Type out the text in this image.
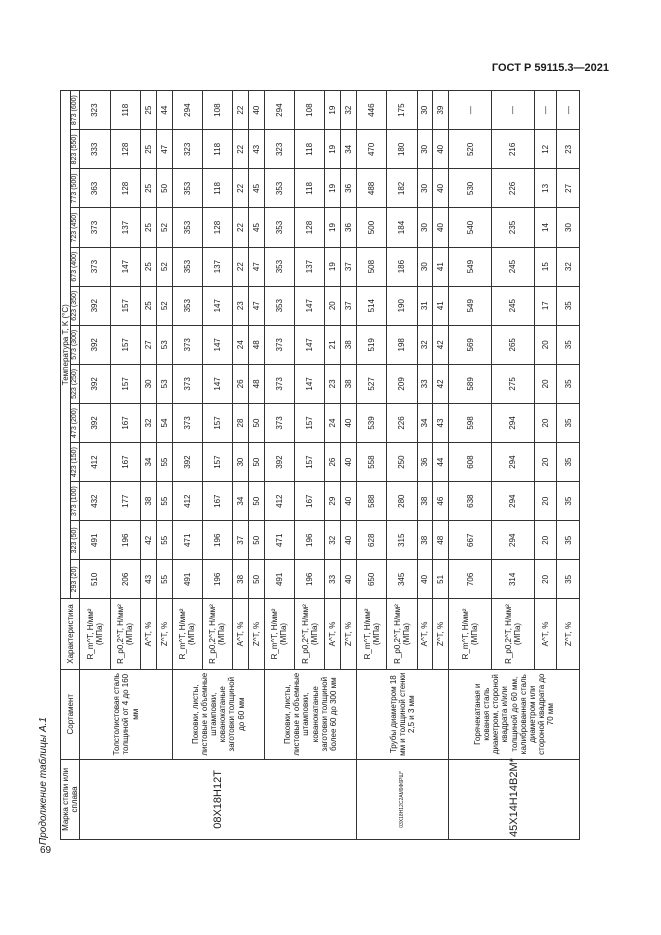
ГОСТ Р 59115.3—2021
Продолжение таблицы А.1 Марка стали или сплава	Сортамент	Характеристика	Температура T, K (°C)												
			293 (20)	323 (50)	373 (100)	423 (150)	473 (200)	523 (250)	573 (300)	623 (350)	673 (400)	723 (450)	773 (500)	823 (550)	873 (600)
08Х18Н12Т	Толстолистовая сталь толщиной от 4 до 160 мм	R_m^T, Н/мм² (МПа)	510	491	432	412	392	392	392	392	373	373	363	333	323
		R_p0,2^T, Н/мм² (МПа)	206	196	177	167	167	157	157	157	147	137	128	128	118
		A^T, %	43	42	38	34	32	30	27	25	25	25	25	25	25
		Z^T, %	55	55	55	55	54	53	53	52	52	52	50	47	44
	Поковки, листы, листовые и объемные штамповки, кованокатаные заготовки толщиной до 60 мм	R_m^T, Н/мм² (МПа)	491	471	412	392	373	373	373	353	353	353	353	323	294
		R_p0,2^T, Н/мм² (МПа)	196	196	167	157	157	147	147	147	137	128	118	118	108
		A^T, %	38	37	34	30	28	26	24	23	22	22	22	22	22
		Z^T, %	50	50	50	50	50	48	48	47	47	45	45	43	40
	Поковки, листы, листовые и объемные штамповки, кованокатаные заготовки толщиной более 60 до 300 мм	R_m^T, Н/мм² (МПа)	491	471	412	392	373	373	373	353	353	353	353	323	294
		R_p0,2^T, Н/мм² (МПа)	196	196	167	157	157	147	147	147	137	128	118	118	108
		A^T, %	33	32	29	26	24	23	21	20	19	19	19	19	19
		Z^T, %	40	40	40	40	40	38	38	37	37	36	36	34	32
03Х18Н12С2АМ9Ф6РШ*	Трубы диаметром 18 мм и толщиной стенки 2,5 и 3 мм	R_m^T, Н/мм² (МПа)	650	628	588	558	539	527	519	514	508	500	488	470	446
		R_p0,2^T, Н/мм² (МПа)	345	315	280	250	226	209	198	190	186	184	182	180	175
		A^T, %	40	38	38	36	34	33	32	31	30	30	30	30	30
		Z^T, %	51	48	46	44	43	42	42	41	41	40	40	40	39
45Х14Н14В2М*	Горячекатаная и кованая сталь диаметром, стороной квадрата и/или толщиной до 60 мм, калиброванная сталь диаметром или стороной квадрата до 70 мм	R_m^T, Н/мм² (МПа)	706	667	638	608	598	589	569	549	549	540	530	520	—
		R_p0,2^T, Н/мм² (МПа)	314	294	294	294	294	275	265	245	245	235	226	216	—
		A^T, %	20	20	20	20	20	20	20	17	15	14	13	12	—
		Z^T, %	35	35	35	35	35	35	35	35	32	30	27	23	—
69
